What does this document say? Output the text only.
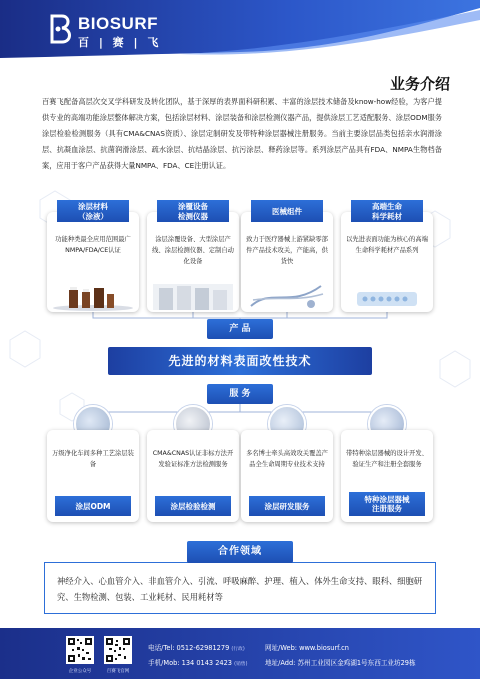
BIOSURF
百 | 赛 | 飞
业务介绍
百赛飞配备高层次交叉学科研发及转化团队，基于深厚的表界面科研积累、丰富的涂层技术储备及know-how经验，为客户提供专业的高端功能涂层整体解决方案，包括涂层材料、涂层装备和涂层检测仪器产品，提供涂层工艺适配服务、涂层ODM服务涂层检验检测服务（具有CMA&CNAS资质）、涂层定制研发及带特种涂层器械注册服务。当前主要涂层品类包括亲水润滑涂层、抗凝血涂层、抗菌润滑涂层、疏水涂层、抗结晶涂层、抗污涂层、释药涂层等。系列涂层产品具有FDA、NMPA生物档备案，应用于客户产品获得大量NMPA、FDA、CE注册认证。
涂层材料
（涂液）
功能种类最全应用范围最广NMPA/FDA/CE认证
涂覆设备
检测仪器
涂层涂覆设备、大型涂层产线、涂层检测仪器、定制自动化设备
医械组件
致力于医疗器械上游紧缺零部件产品技术攻关，产能高，供货快
高端生命
科学耗材
以先进表面功能为核心的高端生命科学耗材产品系列
产 品
先进的材料表面改性技术
服 务
万级净化车间多种工艺涂层装备
涂层ODM
CMA&CNAS认证非标方法开发验证标准方法检测服务
涂层检验检测
多名博士牵头高效攻关覆盖产品全生命周期专业技术支持
涂层研发服务
带特种涂层器械的设计开发、验证生产和注册全套服务
特种涂层器械
注册服务
合作领域
神经介入、心血管介入、非血管介入、引流、呼吸麻醉、护理、植入、体外生命支持、眼科、细胞研究、生物检测、包装、工业耗材、民用耗材等
企业公众号	百赛飞官网
电话/Tel: 0512-62981279 (行政)
手机/Mob: 134 0143 2423 (销售)
网址/Web: www.biosurf.cn
地址/Add: 苏州工业园区金鸡湖1号东西工业坊29栋
